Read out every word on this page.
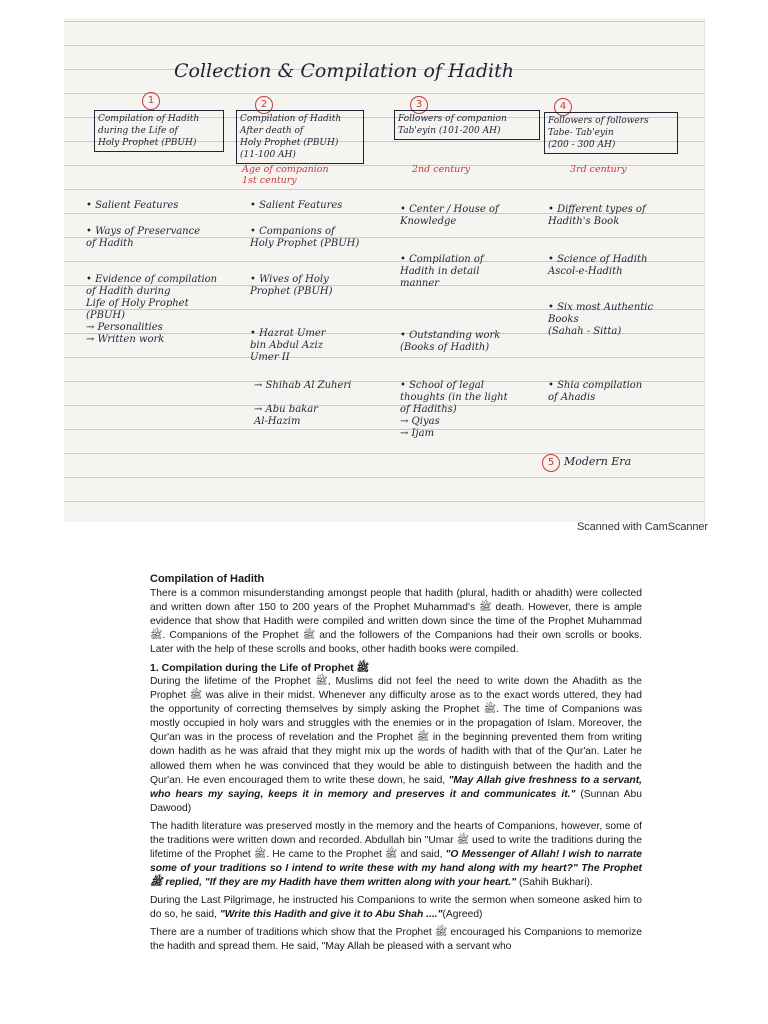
Collection & Compilation of Hadith
1
Compilation of Hadith
during the Life of
Holy Prophet (PBUH)
• Salient Features
• Ways of Preservance
of Hadith
• Evidence of compilation
of Hadith during
Life of Holy Prophet
(PBUH)
→ Personalities
→ Written work
2
Compilation of Hadith
After death of
Holy Prophet (PBUH)
(11-100 AH)
Age of companion
1st century
• Salient Features
• Companions of
Holy Prophet (PBUH)
• Wives of Holy
Prophet (PBUH)
• Hazrat Umer
bin Abdul Aziz
Umer II
→ Shihab Al Zuheri
→ Abu bakar
Al-Hazim
3
Followers of companion
Tab'eyin (101-200 AH)
2nd century
• Center / House of
Knowledge
• Compilation of
Hadith in detail
manner
• Outstanding work
(Books of Hadith)
• School of legal
thoughts (in the light
of Hadiths)
→ Qiyas
→ Ijam
4
Followers of followers
Tabe- Tab'eyin
(200 - 300 AH)
3rd century
• Different types of
Hadith's Book
• Science of Hadith
Ascol-e-Hadith
• Six most Authentic
Books
(Sahah - Sitta)
• Shia compilation
of Ahadis
5 Modern Era
Scanned with CamScanner
Compilation of Hadith

There is a common misunderstanding amongst people that hadith (plural, hadith or ahadith) were collected and written down after 150 to 200 years of the Prophet Muhammad's ﷺ death. However, there is ample evidence that show that Hadith were compiled and written down since the time of the Prophet Muhammad ﷺ. Companions of the Prophet ﷺ and the followers of the Companions had their own scrolls or books. Later with the help of these scrolls and books, other hadith books were compiled.

1. Compilation during the Life of Prophet ﷺ

During the lifetime of the Prophet ﷺ, Muslims did not feel the need to write down the Ahadith as the Prophet ﷺ was alive in their midst. Whenever any difficulty arose as to the exact words uttered, they had the opportunity of correcting themselves by simply asking the Prophet ﷺ. The time of Companions was mostly occupied in holy wars and struggles with the enemies or in the propagation of Islam. Moreover, the Qur'an was in the process of revelation and the Prophet ﷺ in the beginning prevented them from writing down hadith as he was afraid that they might mix up the words of hadith with that of the Qur'an. Later he allowed them when he was convinced that they would be able to distinguish between the hadith and the Qur'an. He even encouraged them to write these down, he said, "May Allah give freshness to a servant, who hears my saying, keeps it in memory and preserves it and communicates it." (Sunnan Abu Dawood)

The hadith literature was preserved mostly in the memory and the hearts of Companions, however, some of the traditions were written down and recorded. Abdullah bin "Umar ﷺ used to write the traditions during the lifetime of the Prophet ﷺ. He came to the Prophet ﷺ and said, "O Messenger of Allah! I wish to narrate some of your traditions so I intend to write these with my hand along with my heart?" The Prophet ﷺ replied, "If they are my Hadith have them written along with your heart." (Sahih Bukhari).

During the Last Pilgrimage, he instructed his Companions to write the sermon when someone asked him to do so, he said, "Write this Hadith and give it to Abu Shah ...."(Agreed)

There are a number of traditions which show that the Prophet ﷺ encouraged his Companions to memorize the hadith and spread them. He said, "May Allah be pleased with a servant who
